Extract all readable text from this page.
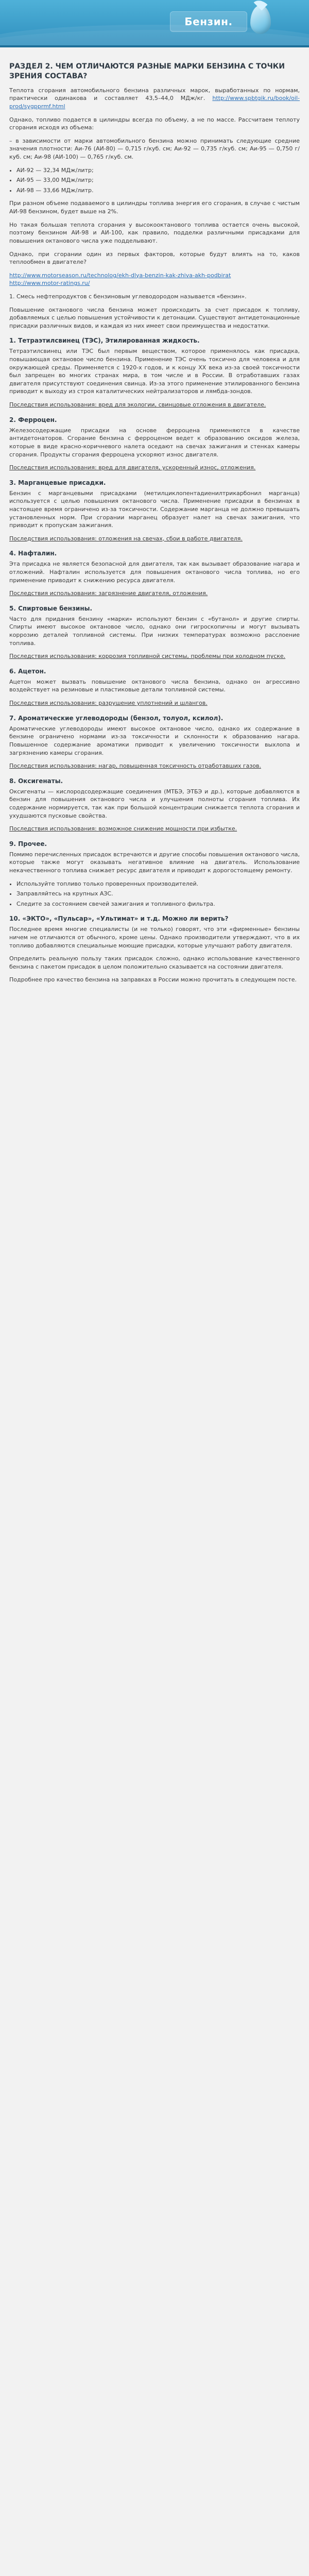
Бензин.
РАЗДЕЛ 2. ЧЕМ ОТЛИЧАЮТСЯ РАЗНЫЕ МАРКИ БЕНЗИНА С ТОЧКИ ЗРЕНИЯ СОСТАВА?

Теплота сгорания автомобильного бензина различных марок, выработанных по нормам, практически одинакова и составляет 43,5–44,0 МДж/кг. http://www.spbtgik.ru/book/oil-prod/sygpprmf.html

Однако, топливо подается в цилиндры всегда по объему, а не по массе. Рассчитаем теплоту сгорания исходя из объема:

– в зависимости от марки автомобильного бензина можно принимать следующие средние значения плотности: Аи-76 (АИ-80) — 0,715 г/куб. см; Аи-92 — 0,735 г/куб. см; Аи-95 — 0,750 г/куб. см; Аи-98 (АИ-100) — 0,765 г/куб. см.

• АИ-92 — 32,34 МДж/литр;
• АИ-95 — 33,00 МДж/литр;
• АИ-98 — 33,66 МДж/литр.

При разном объеме подаваемого в цилиндры топлива энергия его сгорания, в случае с чистым АИ-98 бензином, будет выше на 2%.

Но такая большая теплота сгорания у высокооктанового топлива остается очень высокой, поэтому бензином АИ-98 и АИ-100, как правило, подделки различными присадками для повышения октанового числа уже подделывают.

Однако, при сгорании один из первых факторов, которые будут влиять на то, каков теплообмен в двигателе?

http://www.motorseason.ru/technolog/ekh-dlya-benzin-kak-zhiva-akh-podbirat
http://www.motor-ratings.ru/

1. Смесь нефтепродуктов с бензиновым углеводородом называется «бензин».

Повышение октанового числа бензина может происходить за счет присадок к топливу, добавляемых с целью повышения устойчивости к детонации. Существуют антидетонационные присадки различных видов, и каждая из них имеет свои преимущества и недостатки.

1. Тетраэтилсвинец (ТЭС), Этилированная жидкость.

Тетраэтилсвинец или ТЭС был первым веществом, которое применялось как присадка, повышающая октановое число бензина. Применение ТЭС очень токсично для человека и для окружающей среды. Применяется с 1920-х годов, и к концу XX века из-за своей токсичности был запрещен во многих странах мира, в том числе и в России. В отработавших газах двигателя присутствуют соединения свинца. Из-за этого применение этилированного бензина приводит к выходу из строя каталитических нейтрализаторов и лямбда-зондов.

Последствия использования: вред для экологии, свинцовые отложения в двигателе.

2. Ферроцен.

Железосодержащие присадки на основе ферроцена применяются в качестве антидетонаторов. Сгорание бензина с ферроценом ведет к образованию оксидов железа, которые в виде красно-коричневого налета оседают на свечах зажигания и стенках камеры сгорания. Продукты сгорания ферроцена ускоряют износ двигателя.

Последствия использования: вред для двигателя, ускоренный износ, отложения.

3. Марганцевые присадки.

Бензин с марганцевыми присадками (метилциклопентадиенилтрикарбонил марганца) используется с целью повышения октанового числа. Применение присадки в бензинах в настоящее время ограничено из-за токсичности. Содержание марганца не должно превышать установленных норм. При сгорании марганец образует налет на свечах зажигания, что приводит к пропускам зажигания.

Последствия использования: отложения на свечах, сбои в работе двигателя.

4. Нафталин.

Эта присадка не является безопасной для двигателя, так как вызывает образование нагара и отложений. Нафталин используется для повышения октанового числа топлива, но его применение приводит к снижению ресурса двигателя.

Последствия использования: загрязнение двигателя, отложения.

5. Спиртовые бензины.

Часто для придания бензину «марки» используют бензин с «бутанол» и другие спирты. Спирты имеют высокое октановое число, однако они гигроскопичны и могут вызывать коррозию деталей топливной системы. При низких температурах возможно расслоение топлива.

Последствия использования: коррозия топливной системы, проблемы при холодном пуске.

6. Ацетон.

Ацетон может вызвать повышение октанового числа бензина, однако он агрессивно воздействует на резиновые и пластиковые детали топливной системы.

Последствия использования: разрушение уплотнений и шлангов.

7. Ароматические углеводороды (бензол, толуол, ксилол).

Ароматические углеводороды имеют высокое октановое число, однако их содержание в бензине ограничено нормами из-за токсичности и склонности к образованию нагара. Повышенное содержание ароматики приводит к увеличению токсичности выхлопа и загрязнению камеры сгорания.

Последствия использования: нагар, повышенная токсичность отработавших газов.

8. Оксигенаты.

Оксигенаты — кислородсодержащие соединения (МТБЭ, ЭТБЭ и др.), которые добавляются в бензин для повышения октанового числа и улучшения полноты сгорания топлива. Их содержание нормируется, так как при большой концентрации снижается теплота сгорания и ухудшаются пусковые свойства.

Последствия использования: возможное снижение мощности при избытке.

9. Прочее.

Помимо перечисленных присадок встречаются и другие способы повышения октанового числа, которые также могут оказывать негативное влияние на двигатель. Использование некачественного топлива снижает ресурс двигателя и приводит к дорогостоящему ремонту.

• Используйте топливо только проверенных производителей.
• Заправляйтесь на крупных АЗС.
• Следите за состоянием свечей зажигания и топливного фильтра.
10. «ЭКТО», «Пульсар», «Ультимат» и т.д. Можно ли верить?

Последнее время многие специалисты (и не только) говорят, что эти «фирменные» бензины ничем не отличаются от обычного, кроме цены. Однако производители утверждают, что в их топливо добавляются специальные моющие присадки, которые улучшают работу двигателя.

Определить реальную пользу таких присадок сложно, однако использование качественного бензина с пакетом присадок в целом положительно сказывается на состоянии двигателя.

Подробнее про качество бензина на заправках в России можно прочитать в следующем посте.
